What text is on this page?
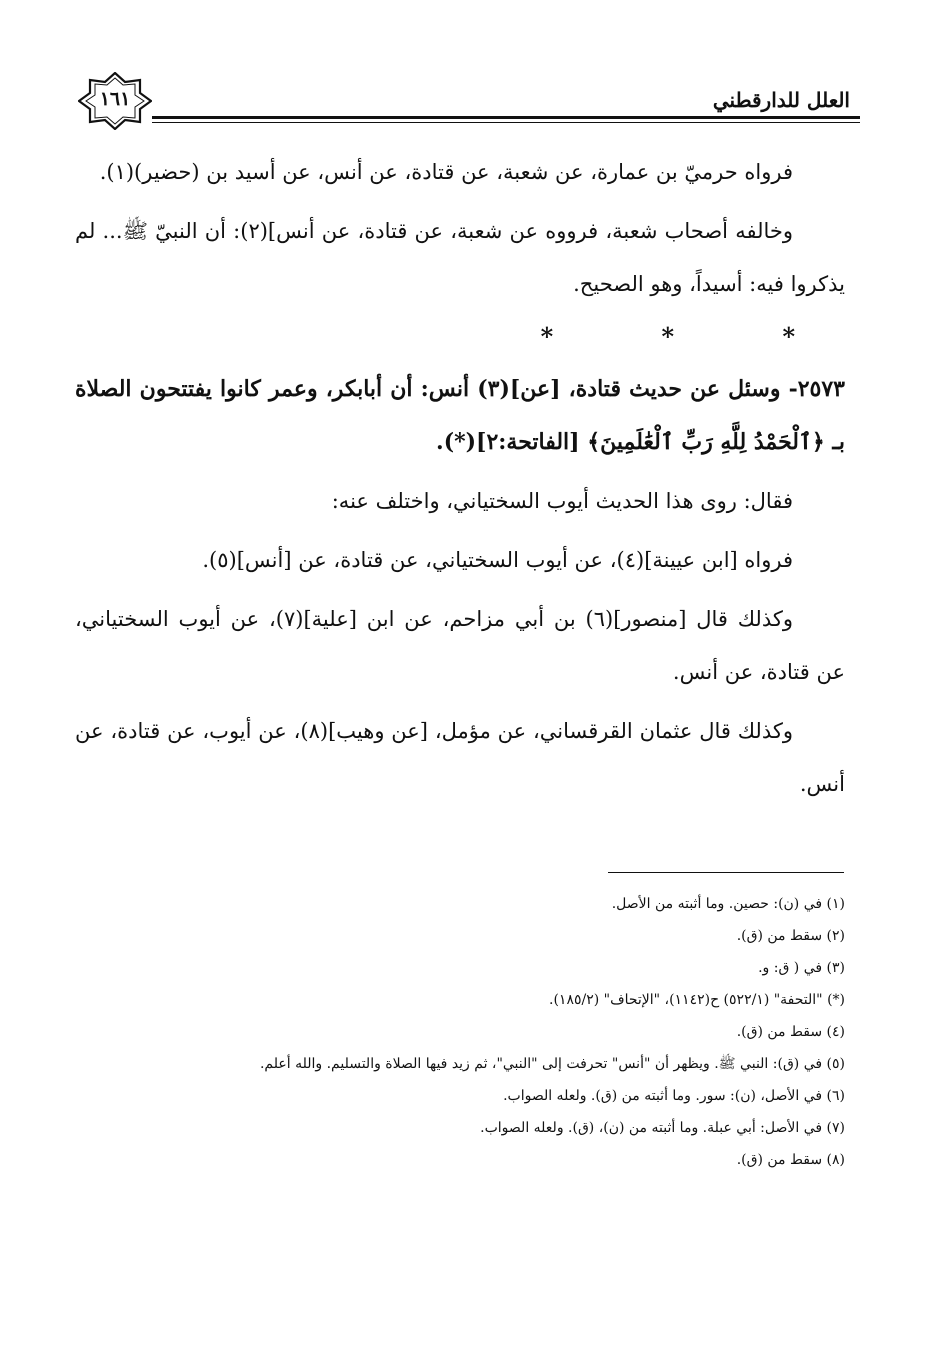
١٦١	العلل للدارقطني

فرواه حرميّ بن عمارة، عن شعبة، عن قتادة، عن أنس، عن أسيد بن (حضير)(١).

وخالفه أصحاب شعبة، فرووه عن شعبة، عن قتادة، عن أنس](٢): أن النبيّ ﷺ... لم يذكروا فيه: أسيداً، وهو الصحيح.

* * *

٢٥٧٣- وسئل عن حديث قتادة، [عن](٣) أنس: أن أبابكر، وعمر كانوا يفتتحون الصلاة بـ ﴿ٱلْحَمْدُ لِلَّهِ رَبِّ ٱلْعَٰلَمِينَ﴾ [الفاتحة:٢](*).

فقال: روى هذا الحديث أيوب السختياني، واختلف عنه:

فرواه [ابن عيينة](٤)، عن أيوب السختياني، عن قتادة، عن [أنس](٥).

وكذلك قال [منصور](٦) بن أبي مزاحم، عن ابن [علية](٧)، عن أيوب السختياني، عن قتادة، عن أنس.

وكذلك قال عثمان القرقساني، عن مؤمل، [عن وهيب](٨)، عن أيوب، عن قتادة، عن أنس.

(١) في (ن): حصين. وما أثبته من الأصل.

(٢) سقط من (ق).

(٣) في ( ق: و.

(*) "التحفة" (٥٢٢/١) ح(١١٤٢)، "الإتحاف" (١٨٥/٢).

(٤) سقط من (ق).

(٥) في (ق): النبي ﷺ. ويظهر أن "أنس" تحرفت إلى "النبي"، ثم زيد فيها الصلاة والتسليم. والله أعلم.

(٦) في الأصل، (ن): سور. وما أثبته من (ق). ولعله الصواب.

(٧) في الأصل: أبي عبلة. وما أثبته من (ن)، (ق). ولعله الصواب.

(٨) سقط من (ق).
